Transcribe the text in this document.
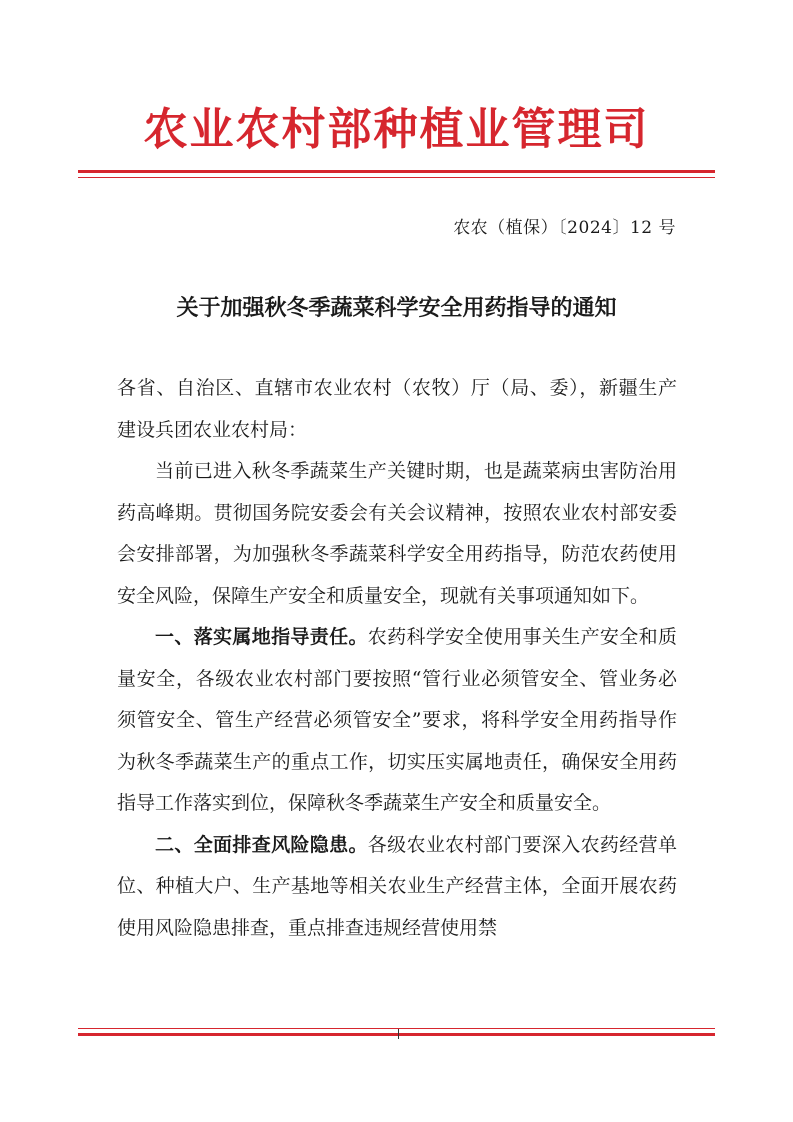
农业农村部种植业管理司
农农（植保）〔2024〕12 号
关于加强秋冬季蔬菜科学安全用药指导的通知

各省、自治区、直辖市农业农村（农牧）厅（局、委），新疆生产建设兵团农业农村局：

当前已进入秋冬季蔬菜生产关键时期，也是蔬菜病虫害防治用药高峰期。贯彻国务院安委会有关会议精神，按照农业农村部安委会安排部署，为加强秋冬季蔬菜科学安全用药指导，防范农药使用安全风险，保障生产安全和质量安全，现就有关事项通知如下。

一、落实属地指导责任。农药科学安全使用事关生产安全和质量安全，各级农业农村部门要按照“管行业必须管安全、管业务必须管安全、管生产经营必须管安全”要求，将科学安全用药指导作为秋冬季蔬菜生产的重点工作，切实压实属地责任，确保安全用药指导工作落实到位，保障秋冬季蔬菜生产安全和质量安全。

二、全面排查风险隐患。各级农业农村部门要深入农药经营单位、种植大户、生产基地等相关农业生产经营主体，全面开展农药使用风险隐患排查，重点排查违规经营使用禁
